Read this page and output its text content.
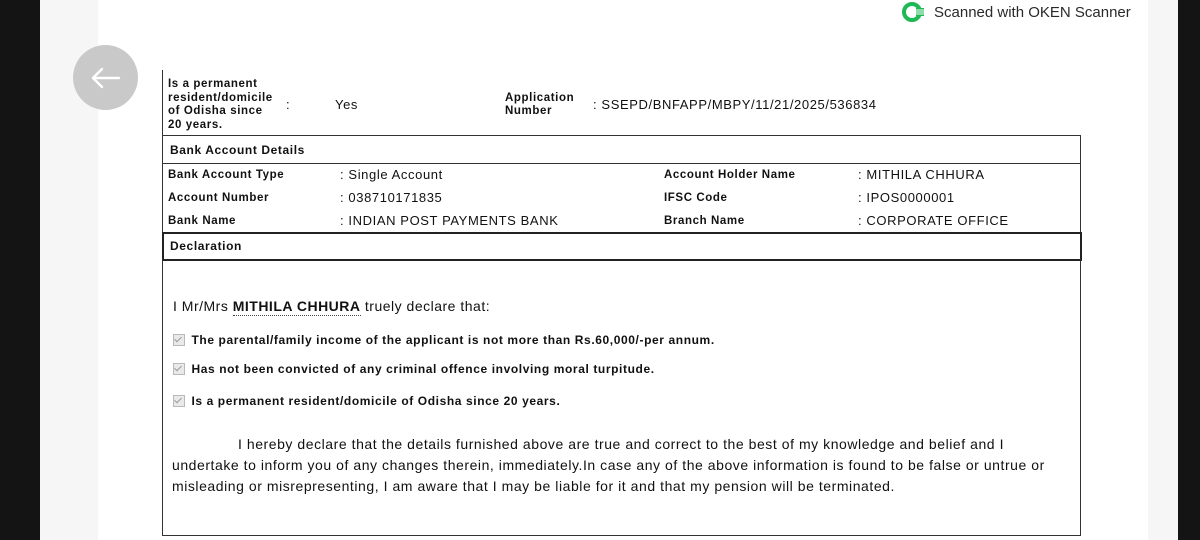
Scanned with OKEN Scanner
Is a permanent resident/domicile of Odisha since 20 years.
:	Yes	Application Number	: SSEPD/BNFAPP/MBPY/11/21/2025/536834
Bank Account Details
Bank Account Type	: Single Account	Account Holder Name	: MITHILA CHHURA
Account Number	: 038710171835	IFSC Code	: IPOS0000001
Bank Name	: INDIAN POST PAYMENTS BANK	Branch Name	: CORPORATE OFFICE
Declaration
I Mr/Mrs MITHILA CHHURA truely declare that:
The parental/family income of the applicant is not more than Rs.60,000/-per annum.
Has not been convicted of any criminal offence involving moral turpitude.
Is a permanent resident/domicile of Odisha since 20 years.
I hereby declare that the details furnished above are true and correct to the best of my knowledge and belief and I undertake to inform you of any changes therein, immediately.In case any of the above information is found to be false or untrue or misleading or misrepresenting, I am aware that I may be liable for it and that my pension will be terminated.
